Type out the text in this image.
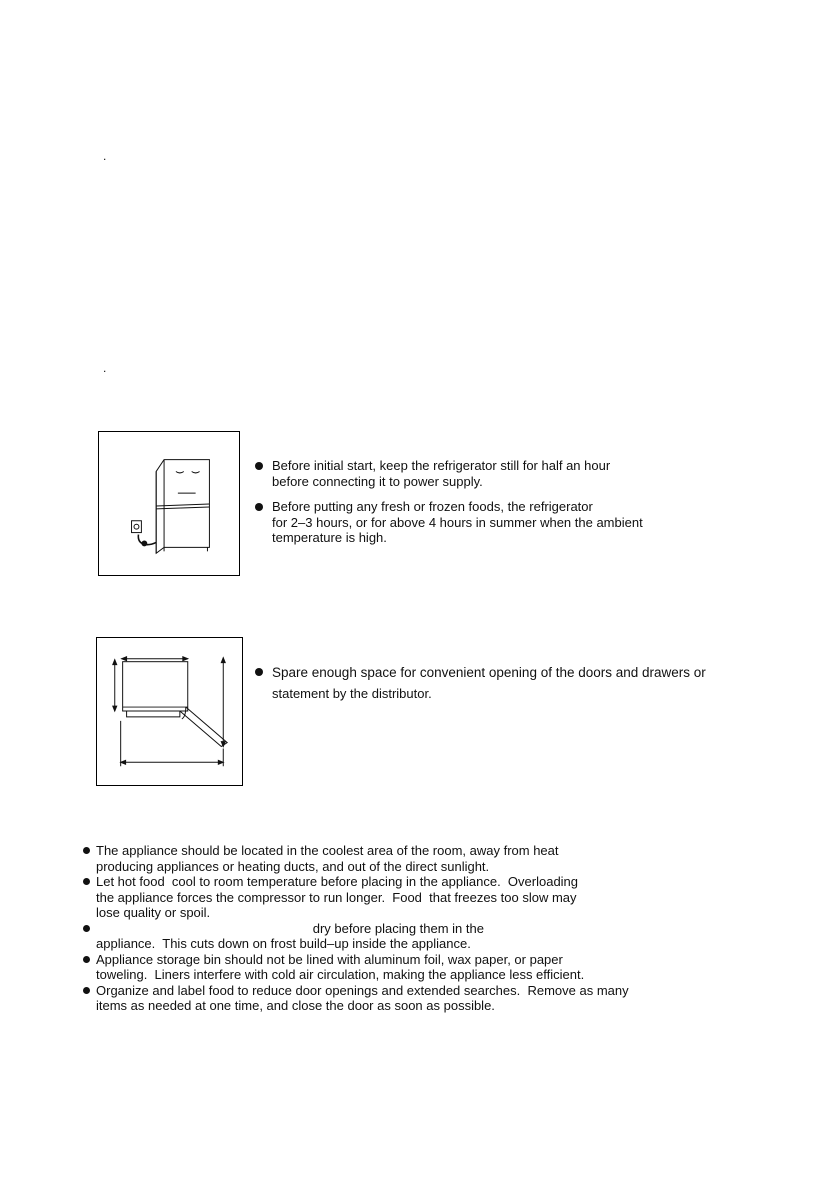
.
.
Before initial start, keep the refrigerator still for half an hour
before connecting it to power supply.
Before putting any fresh or frozen foods, the refrigerator
for 2–3 hours, or for above 4 hours in summer when the ambient
temperature is high.
Spare enough space for convenient opening of the doors and drawers or
statement by the distributor.
The appliance should be located in the coolest area of the room, away from heat
producing appliances or heating ducts, and out of the direct sunlight.
Let hot food  cool to room temperature before placing in the appliance.  Overloading
the appliance forces the compressor to run longer.  Food  that freezes too slow may
lose quality or spoil.
dry before placing them in the
appliance.  This cuts down on frost build–up inside the appliance.
Appliance storage bin should not be lined with aluminum foil, wax paper, or paper
toweling.  Liners interfere with cold air circulation, making the appliance less efficient.
Organize and label food to reduce door openings and extended searches.  Remove as many
items as needed at one time, and close the door as soon as possible.
